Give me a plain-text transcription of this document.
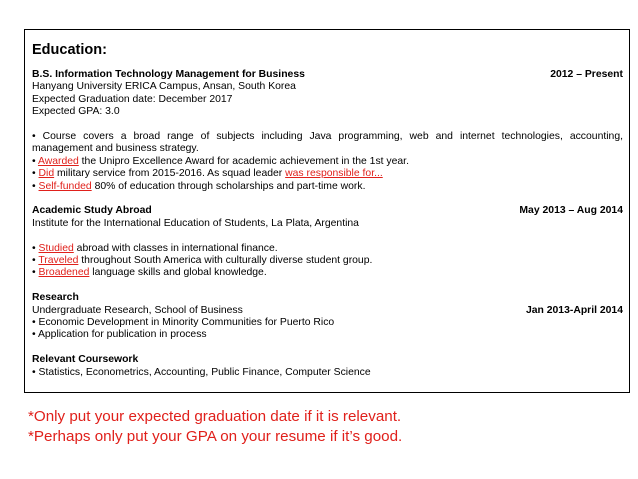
Education:
B.S. Information Technology Management for Business	2012 – Present
Hanyang University ERICA Campus, Ansan, South Korea
Expected Graduation date: December 2017
Expected GPA: 3.0
• Course covers a broad range of subjects including Java programming, web and internet technologies, accounting, management and business strategy.
• Awarded the Unipro Excellence Award for academic achievement in the 1st year.
• Did military service from 2015-2016. As squad leader was responsible for...
• Self-funded 80% of education through scholarships and part-time work.
Academic Study Abroad	May 2013 – Aug 2014
Institute for the International Education of Students, La Plata, Argentina
• Studied abroad with classes in international finance.
• Traveled throughout South America with culturally diverse student group.
• Broadened language skills and global knowledge.
Research
Undergraduate Research, School of Business	Jan 2013-April 2014
• Economic Development in Minority Communities for Puerto Rico
• Application for publication in process
Relevant Coursework
• Statistics, Econometrics, Accounting, Public Finance, Computer Science
*Only put your expected graduation date if it is relevant.
*Perhaps only put your GPA on your resume if it’s good.
